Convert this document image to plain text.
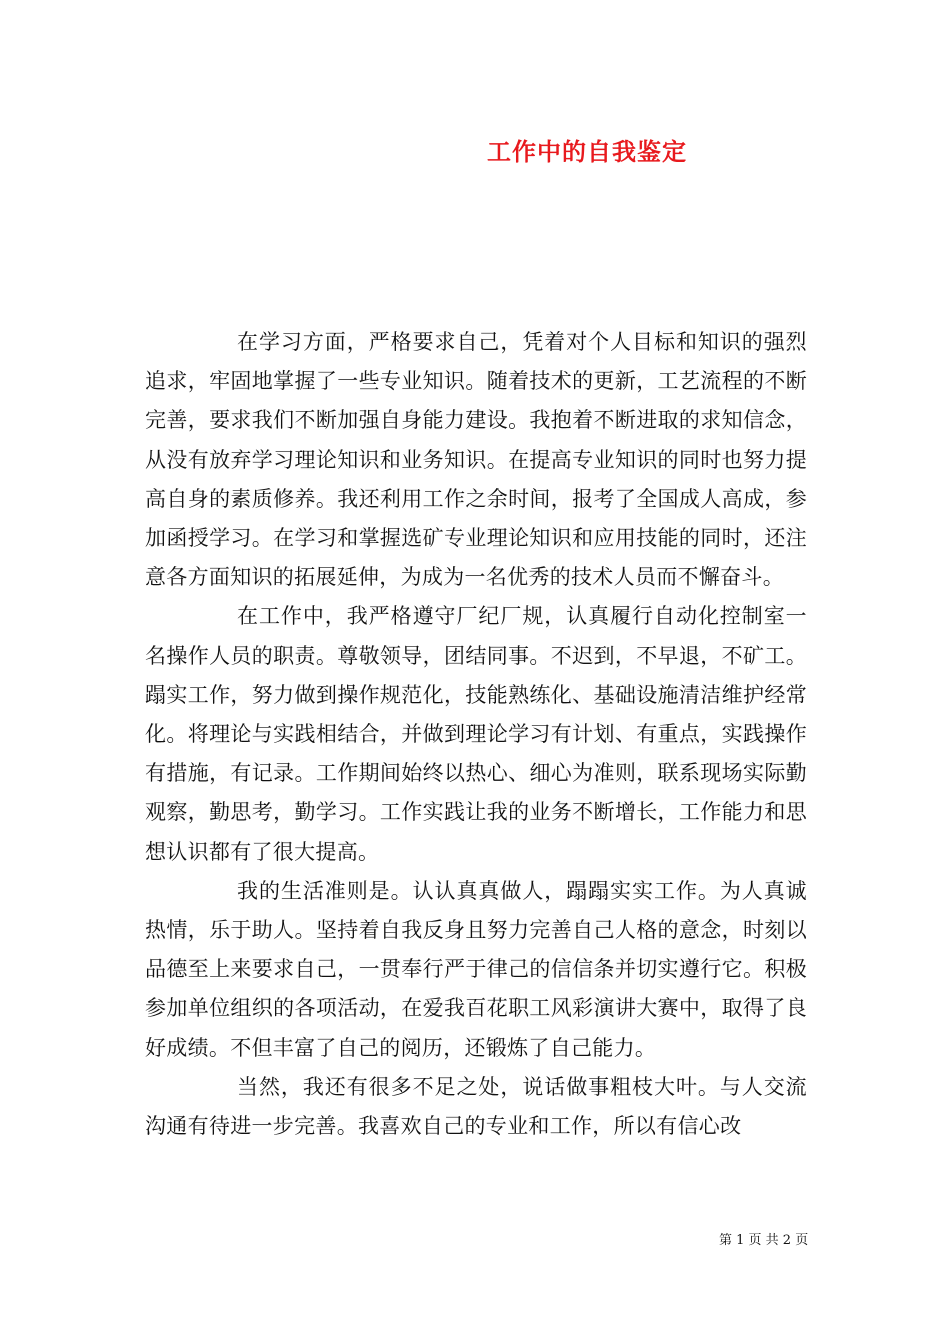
工作中的自我鉴定

在学习方面，严格要求自己，凭着对个人目标和知识的强烈追求，牢固地掌握了一些专业知识。随着技术的更新，工艺流程的不断完善，要求我们不断加强自身能力建设。我抱着不断进取的求知信念，从没有放弃学习理论知识和业务知识。在提高专业知识的同时也努力提高自身的素质修养。我还利用工作之余时间，报考了全国成人高成，参加函授学习。在学习和掌握选矿专业理论知识和应用技能的同时，还注意各方面知识的拓展延伸，为成为一名优秀的技术人员而不懈奋斗。

在工作中，我严格遵守厂纪厂规，认真履行自动化控制室一名操作人员的职责。尊敬领导，团结同事。不迟到，不早退，不矿工。蹋实工作，努力做到操作规范化，技能熟练化、基础设施清洁维护经常化。将理论与实践相结合，并做到理论学习有计划、有重点，实践操作有措施，有记录。工作期间始终以热心、细心为准则，联系现场实际勤观察，勤思考，勤学习。工作实践让我的业务不断增长，工作能力和思想认识都有了很大提高。

我的生活准则是。认认真真做人，蹋蹋实实工作。为人真诚热情，乐于助人。坚持着自我反身且努力完善自己人格的意念，时刻以品德至上来要求自己，一贯奉行严于律己的信信条并切实遵行它。积极参加单位组织的各项活动，在爱我百花职工风彩演讲大赛中，取得了良好成绩。不但丰富了自己的阅历，还锻炼了自己能力。

当然，我还有很多不足之处，说话做事粗枝大叶。与人交流沟通有待进一步完善。我喜欢自己的专业和工作，所以有信心改

第 1 页 共 2 页
